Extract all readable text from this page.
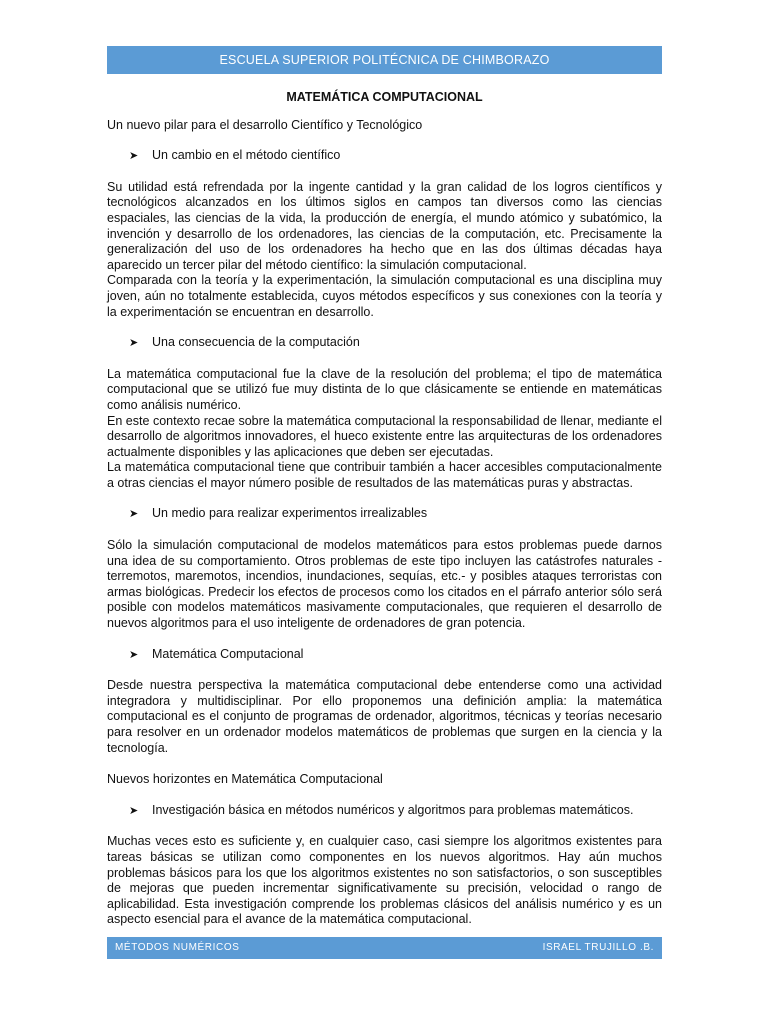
ESCUELA SUPERIOR POLITÉCNICA DE CHIMBORAZO
MATEMÁTICA COMPUTACIONAL

Un nuevo pilar para el desarrollo Científico y Tecnológico

➤	Un cambio en el método científico

Su utilidad está refrendada por la ingente cantidad y la gran calidad de los logros científicos y tecnológicos alcanzados en los últimos siglos en campos tan diversos como las ciencias espaciales, las ciencias de la vida, la producción de energía, el mundo atómico y subatómico, la invención y desarrollo de los ordenadores, las ciencias de la computación, etc. Precisamente la generalización del uso de los ordenadores ha hecho que en las dos últimas décadas haya aparecido un tercer pilar del método científico: la simulación computacional.

Comparada con la teoría y la experimentación, la simulación computacional es una disciplina muy joven, aún no totalmente establecida, cuyos métodos específicos y sus conexiones con la teoría y la experimentación se encuentran en desarrollo.

➤	Una consecuencia de la computación

La matemática computacional fue la clave de la resolución del problema; el tipo de matemática computacional que se utilizó fue muy distinta de lo que clásicamente se entiende en matemáticas como análisis numérico.

En este contexto recae sobre la matemática computacional la responsabilidad de llenar, mediante el desarrollo de algoritmos innovadores, el hueco existente entre las arquitecturas de los ordenadores actualmente disponibles y las aplicaciones que deben ser ejecutadas.

La matemática computacional tiene que contribuir también a hacer accesibles computacionalmente a otras ciencias el mayor número posible de resultados de las matemáticas puras y abstractas.

➤	Un medio para realizar experimentos irrealizables

Sólo la simulación computacional de modelos matemáticos para estos problemas puede darnos una idea de su comportamiento. Otros problemas de este tipo incluyen las catástrofes naturales - terremotos, maremotos, incendios, inundaciones, sequías, etc.- y posibles ataques terroristas con armas biológicas. Predecir los efectos de procesos como los citados en el párrafo anterior sólo será posible con modelos matemáticos masivamente computacionales, que requieren el desarrollo de nuevos algoritmos para el uso inteligente de ordenadores de gran potencia.

➤	Matemática Computacional

Desde nuestra perspectiva la matemática computacional debe entenderse como una actividad integradora y multidisciplinar. Por ello proponemos una definición amplia: la matemática computacional es el conjunto de programas de ordenador, algoritmos, técnicas y teorías necesario para resolver en un ordenador modelos matemáticos de problemas que surgen en la ciencia y la tecnología.

Nuevos horizontes en Matemática Computacional

➤	Investigación básica en métodos numéricos y algoritmos para problemas matemáticos.

Muchas veces esto es suficiente y, en cualquier caso, casi siempre los algoritmos existentes para tareas básicas se utilizan como componentes en los nuevos algoritmos. Hay aún muchos problemas básicos para los que los algoritmos existentes no son satisfactorios, o son susceptibles de mejoras que pueden incrementar significativamente su precisión, velocidad o rango de aplicabilidad. Esta investigación comprende los problemas clásicos del análisis numérico y es un aspecto esencial para el avance de la matemática computacional.

MÉTODOS NUMÉRICOS	ISRAEL TRUJILLO .B.
